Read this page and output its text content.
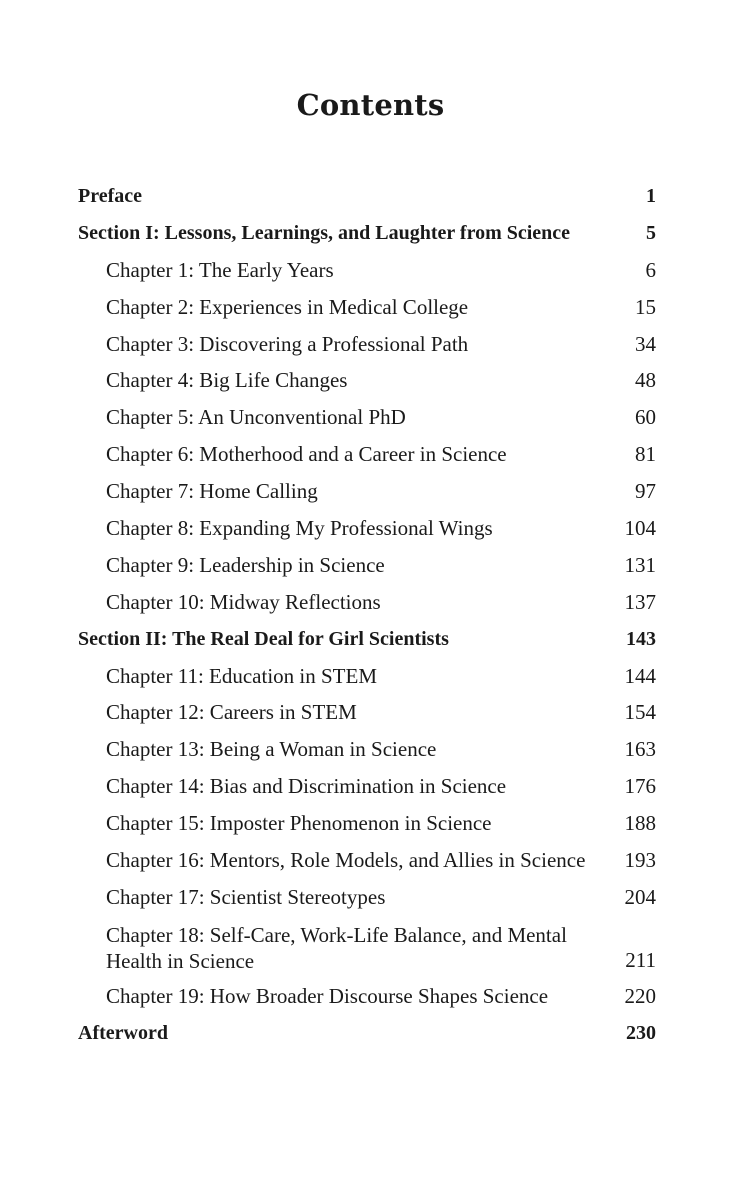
Contents
Preface	1
Section I: Lessons, Learnings, and Laughter from Science	5
Chapter 1: The Early Years	6
Chapter 2: Experiences in Medical College	15
Chapter 3: Discovering a Professional Path	34
Chapter 4: Big Life Changes	48
Chapter 5: An Unconventional PhD	60
Chapter 6: Motherhood and a Career in Science	81
Chapter 7: Home Calling	97
Chapter 8: Expanding My Professional Wings	104
Chapter 9: Leadership in Science	131
Chapter 10: Midway Reflections	137
Section II: The Real Deal for Girl Scientists	143
Chapter 11: Education in STEM	144
Chapter 12: Careers in STEM	154
Chapter 13: Being a Woman in Science	163
Chapter 14: Bias and Discrimination in Science	176
Chapter 15: Imposter Phenomenon in Science	188
Chapter 16: Mentors, Role Models, and Allies in Science	193
Chapter 17: Scientist Stereotypes	204
Chapter 18: Self-Care, Work-Life Balance, and Mental Health in Science	211
Chapter 19: How Broader Discourse Shapes Science	220
Afterword	230
